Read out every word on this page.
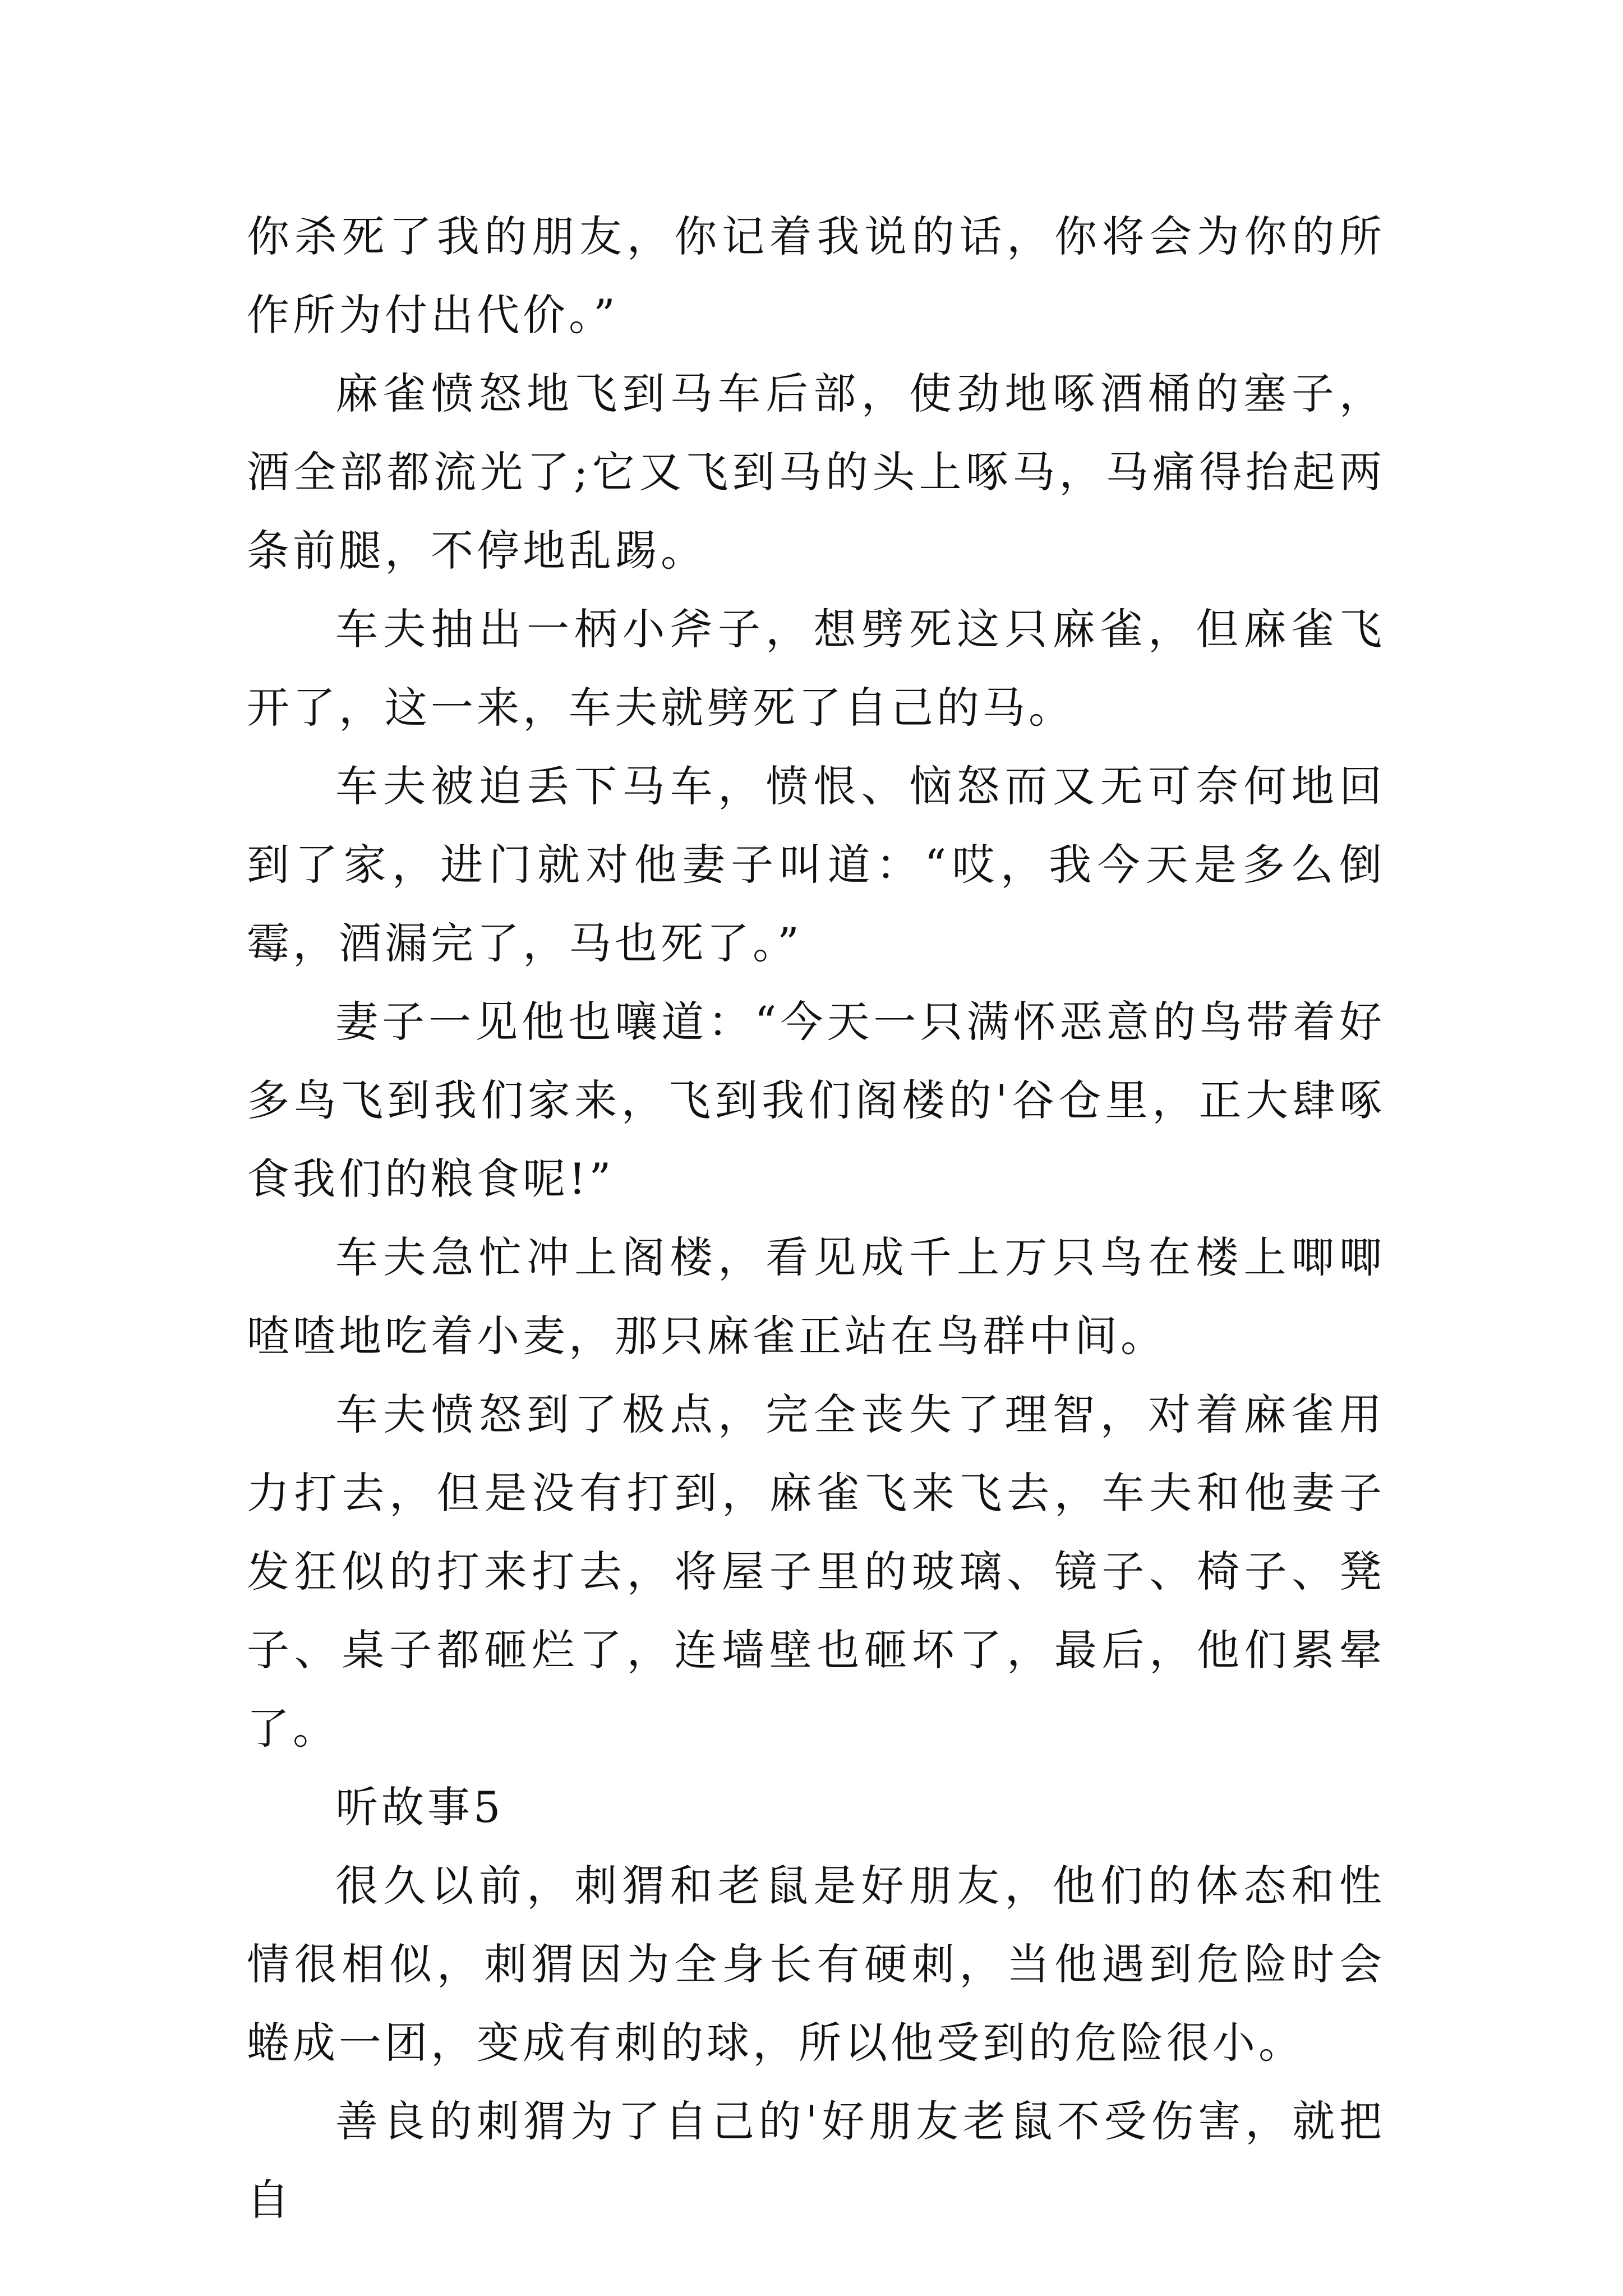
你杀死了我的朋友，你记着我说的话，你将会为你的所作所为付出代价。”

麻雀愤怒地飞到马车后部，使劲地啄酒桶的塞子，酒全部都流光了;它又飞到马的头上啄马，马痛得抬起两条前腿，不停地乱踢。

车夫抽出一柄小斧子，想劈死这只麻雀，但麻雀飞开了，这一来，车夫就劈死了自己的马。

车夫被迫丢下马车，愤恨、恼怒而又无可奈何地回到了家，进门就对他妻子叫道：“哎，我今天是多么倒霉，酒漏完了，马也死了。”

妻子一见他也嚷道：“今天一只满怀恶意的鸟带着好多鸟飞到我们家来，飞到我们阁楼的'谷仓里，正大肆啄食我们的粮食呢!”

车夫急忙冲上阁楼，看见成千上万只鸟在楼上唧唧喳喳地吃着小麦，那只麻雀正站在鸟群中间。

车夫愤怒到了极点，完全丧失了理智，对着麻雀用力打去，但是没有打到，麻雀飞来飞去，车夫和他妻子发狂似的打来打去，将屋子里的玻璃、镜子、椅子、凳子、桌子都砸烂了，连墙壁也砸坏了，最后，他们累晕了。

听故事5

很久以前，刺猬和老鼠是好朋友，他们的体态和性情很相似，刺猬因为全身长有硬刺，当他遇到危险时会蜷成一团，变成有刺的球，所以他受到的危险很小。

善良的刺猬为了自己的'好朋友老鼠不受伤害，就把自
